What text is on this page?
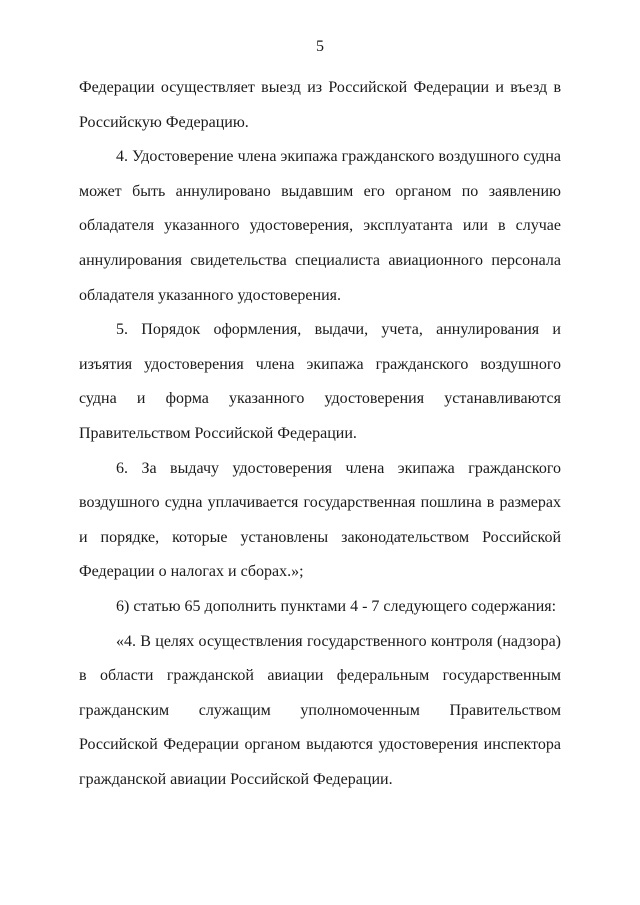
5

Федерации осуществляет выезд из Российской Федерации и въезд в Российскую Федерацию.

4. Удостоверение члена экипажа гражданского воздушного судна может быть аннулировано выдавшим его органом по заявлению обладателя указанного удостоверения, эксплуатанта или в случае аннулирования свидетельства специалиста авиационного персонала обладателя указанного удостоверения.

5. Порядок оформления, выдачи, учета, аннулирования и изъятия удостоверения члена экипажа гражданского воздушного судна и форма указанного удостоверения устанавливаются Правительством Российской Федерации.

6. За выдачу удостоверения члена экипажа гражданского воздушного судна уплачивается государственная пошлина в размерах и порядке, которые установлены законодательством Российской Федерации о налогах и сборах.»;

6) статью 65 дополнить пунктами 4 - 7 следующего содержания:

«4. В целях осуществления государственного контроля (надзора) в области гражданской авиации федеральным государственным гражданским служащим уполномоченным Правительством Российской Федерации органом выдаются удостоверения инспектора гражданской авиации Российской Федерации.
